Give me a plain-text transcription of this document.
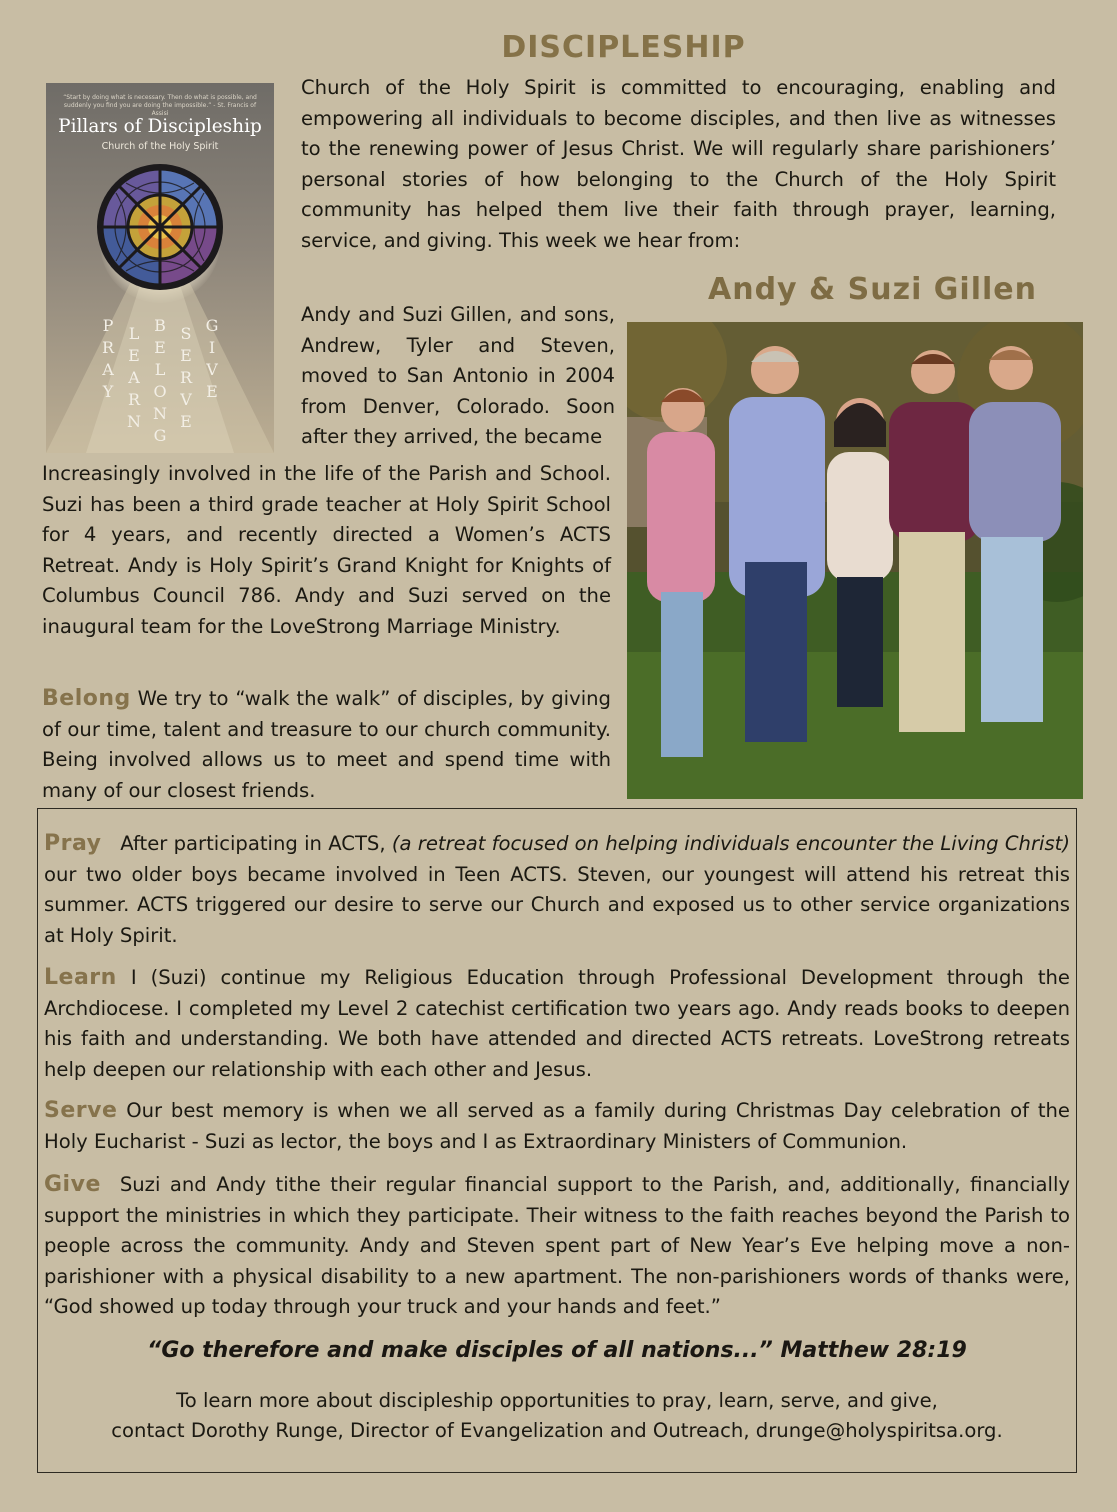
DISCIPLESHIP
“Start by doing what is necessary. Then do what is possible, and suddenly you find you are doing the impossible.” - St. Francis of Assisi
Pillars of Discipleship
Church of the Holy Spirit
P
R
A
Y
L
E
A
R
N
B
E
L
O
N
G
S
E
R
V
E
G
I
V
E

Church of the Holy Spirit is committed to encouraging, enabling and empowering all individuals to become disciples, and then live as witnesses to the renewing power of Jesus Christ. We will regularly share parishioners’ personal stories of how belonging to the Church of the Holy Spirit community has helped them live their faith through prayer, learning, service, and giving. This week we hear from:

Andy & Suzi Gillen

Andy and Suzi Gillen, and sons, Andrew, Tyler and Steven, moved to San Antonio in 2004 from Denver, Colorado. Soon after they arrived, the became

Increasingly involved in the life of the Parish and School. Suzi has been a third grade teacher at Holy Spirit School for 4 years, and recently directed a Women’s ACTS Retreat. Andy is Holy Spirit’s Grand Knight for Knights of Columbus Council 786. Andy and Suzi served on the inaugural team for the LoveStrong Marriage Ministry.

Belong We try to “walk the walk” of disciples, by giving of our time, talent and treasure to our church community. Being involved allows us to meet and spend time with many of our closest friends.

Pray After participating in ACTS, (a retreat focused on helping individuals encounter the Living Christ) our two older boys became involved in Teen ACTS. Steven, our youngest will attend his retreat this summer. ACTS triggered our desire to serve our Church and exposed us to other service organizations at Holy Spirit.

Learn I (Suzi) continue my Religious Education through Professional Development through the Archdiocese. I completed my Level 2 catechist certification two years ago. Andy reads books to deepen his faith and understanding. We both have attended and directed ACTS retreats. LoveStrong retreats help deepen our relationship with each other and Jesus.

Serve Our best memory is when we all served as a family during Christmas Day celebration of the Holy Eucharist - Suzi as lector, the boys and I as Extraordinary Ministers of Communion.

Give Suzi and Andy tithe their regular financial support to the Parish, and, additionally, financially support the ministries in which they participate. Their witness to the faith reaches beyond the Parish to people across the community. Andy and Steven spent part of New Year’s Eve helping move a non-parishioner with a physical disability to a new apartment. The non-parishioners words of thanks were, “God showed up today through your truck and your hands and feet.”

“Go therefore and make disciples of all nations...” Matthew 28:19
To learn more about discipleship opportunities to pray, learn, serve, and give,
contact Dorothy Runge, Director of Evangelization and Outreach, drunge@holyspiritsa.org.
